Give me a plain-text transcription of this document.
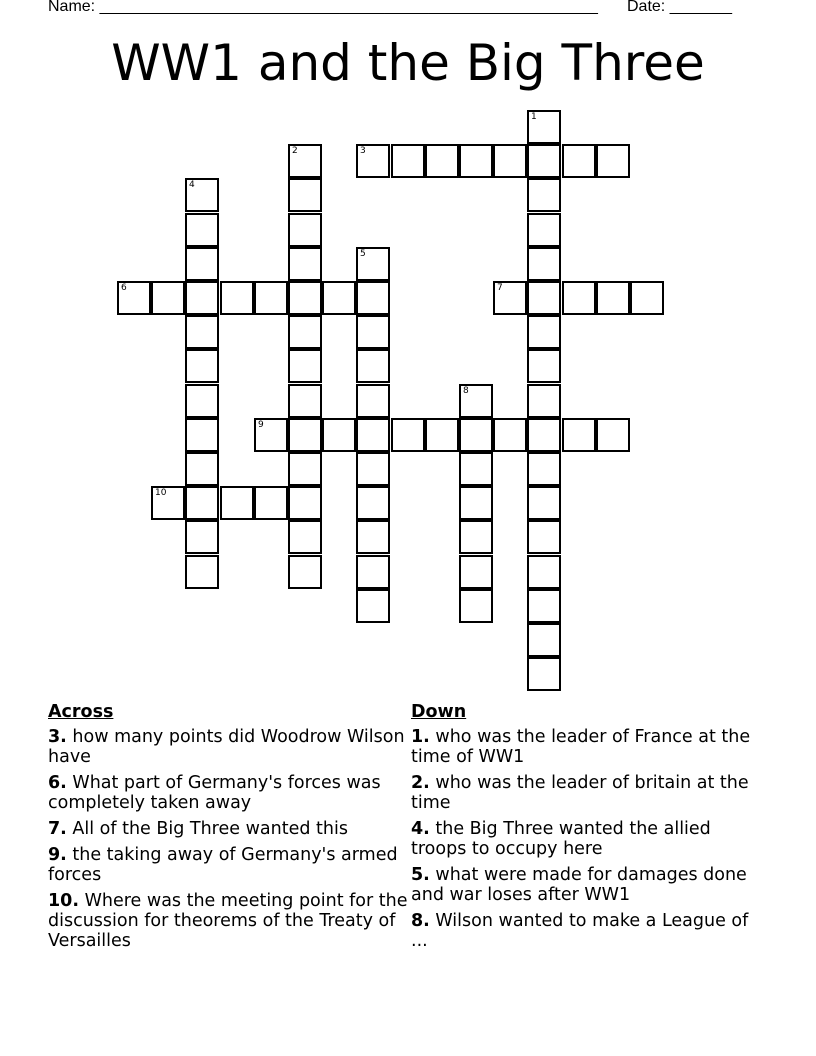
Name: ________________________________________________________ Date: _______
WW1 and the Big Three
1
2	3
4
5
6	7
8
9
10
Across
3. how many points did Woodrow Wilson have
6. What part of Germany's forces was completely taken away
7. All of the Big Three wanted this
9. the taking away of Germany's armed forces
10. Where was the meeting point for the discussion for theorems of the Treaty of Versailles
Down
1. who was the leader of France at the time of WW1
2. who was the leader of britain at the time
4. the Big Three wanted the allied troops to occupy here
5. what were made for damages done and war loses after WW1
8. Wilson wanted to make a League of ...
